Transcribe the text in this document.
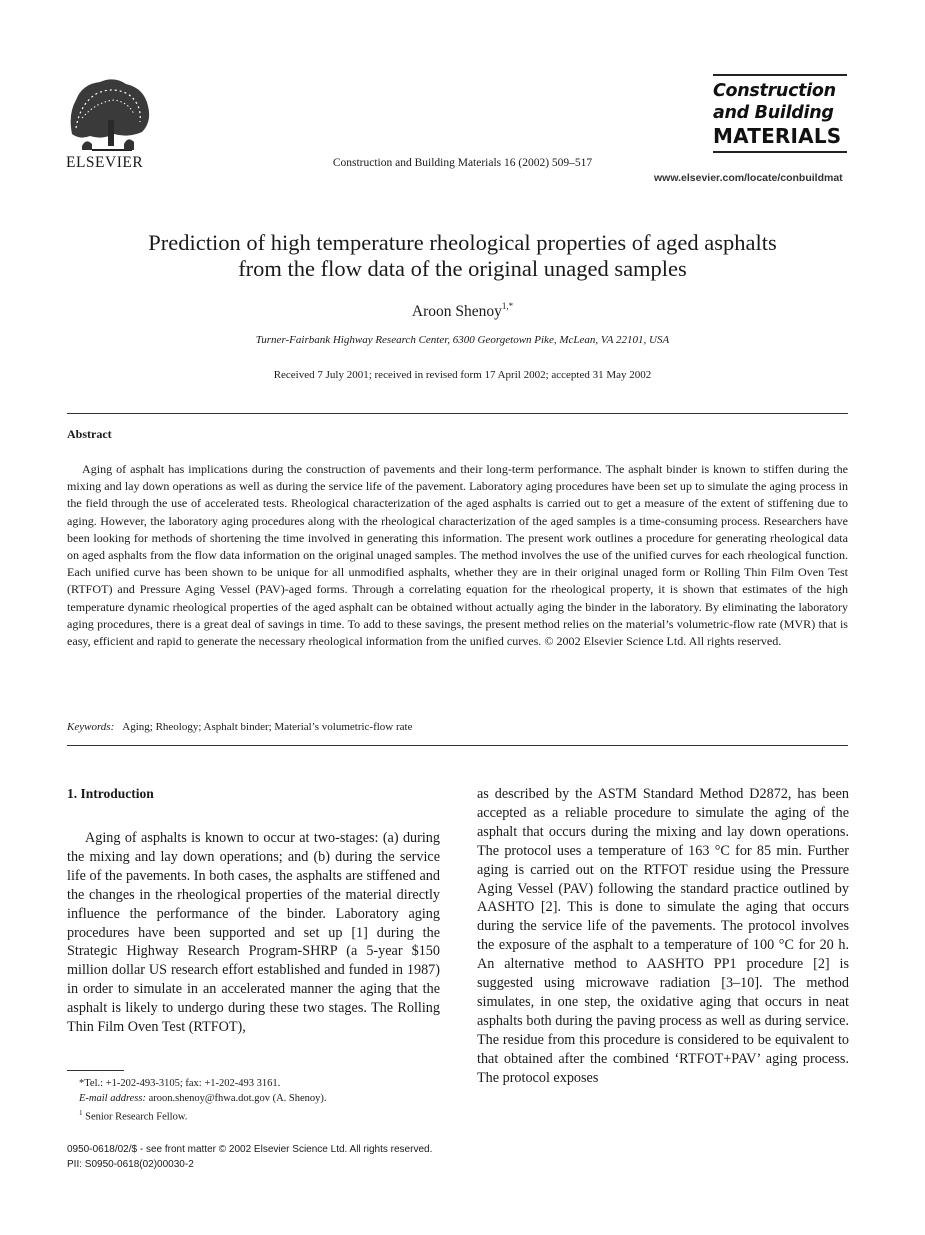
ELSEVIER	Construction and Building Materials 16 (2002) 509–517
Construction
and Building
MATERIALS
www.elsevier.com/locate/conbuildmat
Prediction of high temperature rheological properties of aged asphalts
from the flow data of the original unaged samples
Aroon Shenoy$^{1,*}$
Turner-Fairbank Highway Research Center, 6300 Georgetown Pike, McLean, VA 22101, USA
Received 7 July 2001; received in revised form 17 April 2002; accepted 31 May 2002
Abstract

Aging of asphalt has implications during the construction of pavements and their long-term performance. The asphalt binder is known to stiffen during the mixing and lay down operations as well as during the service life of the pavement. Laboratory aging procedures have been set up to simulate the aging process in the field through the use of accelerated tests. Rheological characterization of the aged asphalts is carried out to get a measure of the extent of stiffening due to aging. However, the laboratory aging procedures along with the rheological characterization of the aged samples is a time-consuming process. Researchers have been looking for methods of shortening the time involved in generating this information. The present work outlines a procedure for generating rheological data on aged asphalts from the flow data information on the original unaged samples. The method involves the use of the unified curves for each rheological function. Each unified curve has been shown to be unique for all unmodified asphalts, whether they are in their original unaged form or Rolling Thin Film Oven Test (RTFOT) and Pressure Aging Vessel (PAV)-aged forms. Through a correlating equation for the rheological property, it is shown that estimates of the high temperature dynamic rheological properties of the aged asphalt can be obtained without actually aging the binder in the laboratory. By eliminating the laboratory aging procedures, there is a great deal of savings in time. To add to these savings, the present method relies on the material’s volumetric-flow rate (MVR) that is easy, efficient and rapid to generate the necessary rheological information from the unified curves. © 2002 Elsevier Science Ltd. All rights reserved.

Keywords: Aging; Rheology; Asphalt binder; Material’s volumetric-flow rate
1. Introduction

Aging of asphalts is known to occur at two-stages: (a) during the mixing and lay down operations; and (b) during the service life of the pavements. In both cases, the asphalts are stiffened and the changes in the rheological properties of the material directly influence the performance of the binder. Laboratory aging procedures have been supported and set up [1] during the Strategic Highway Research Program-SHRP (a 5-year $150 million dollar US research effort established and funded in 1987) in order to simulate in an accelerated manner the aging that the asphalt is likely to undergo during these two stages. The Rolling Thin Film Oven Test (RTFOT),

as described by the ASTM Standard Method D2872, has been accepted as a reliable procedure to simulate the aging of the asphalt that occurs during the mixing and lay down operations. The protocol uses a temperature of 163 °C for 85 min. Further aging is carried out on the RTFOT residue using the Pressure Aging Vessel (PAV) following the standard practice outlined by AASHTO [2]. This is done to simulate the aging that occurs during the service life of the pavements. The protocol involves the exposure of the asphalt to a temperature of 100 °C for 20 h. An alternative method to AASHTO PP1 procedure [2] is suggested using microwave radiation [3–10]. The method simulates, in one step, the oxidative aging that occurs in neat asphalts both during the paving process as well as during service. The residue from this procedure is considered to be equivalent to that obtained after the combined ‘RTFOT+PAV’ aging process. The protocol exposes

*Tel.: +1-202-493-3105; fax: +1-202-493 3161.
E-mail address: aroon.shenoy@fhwa.dot.gov (A. Shenoy).
$^1$ Senior Research Fellow.
0950-0618/02/$ - see front matter © 2002 Elsevier Science Ltd. All rights reserved.
PII: S0950-0618(02)00030-2
